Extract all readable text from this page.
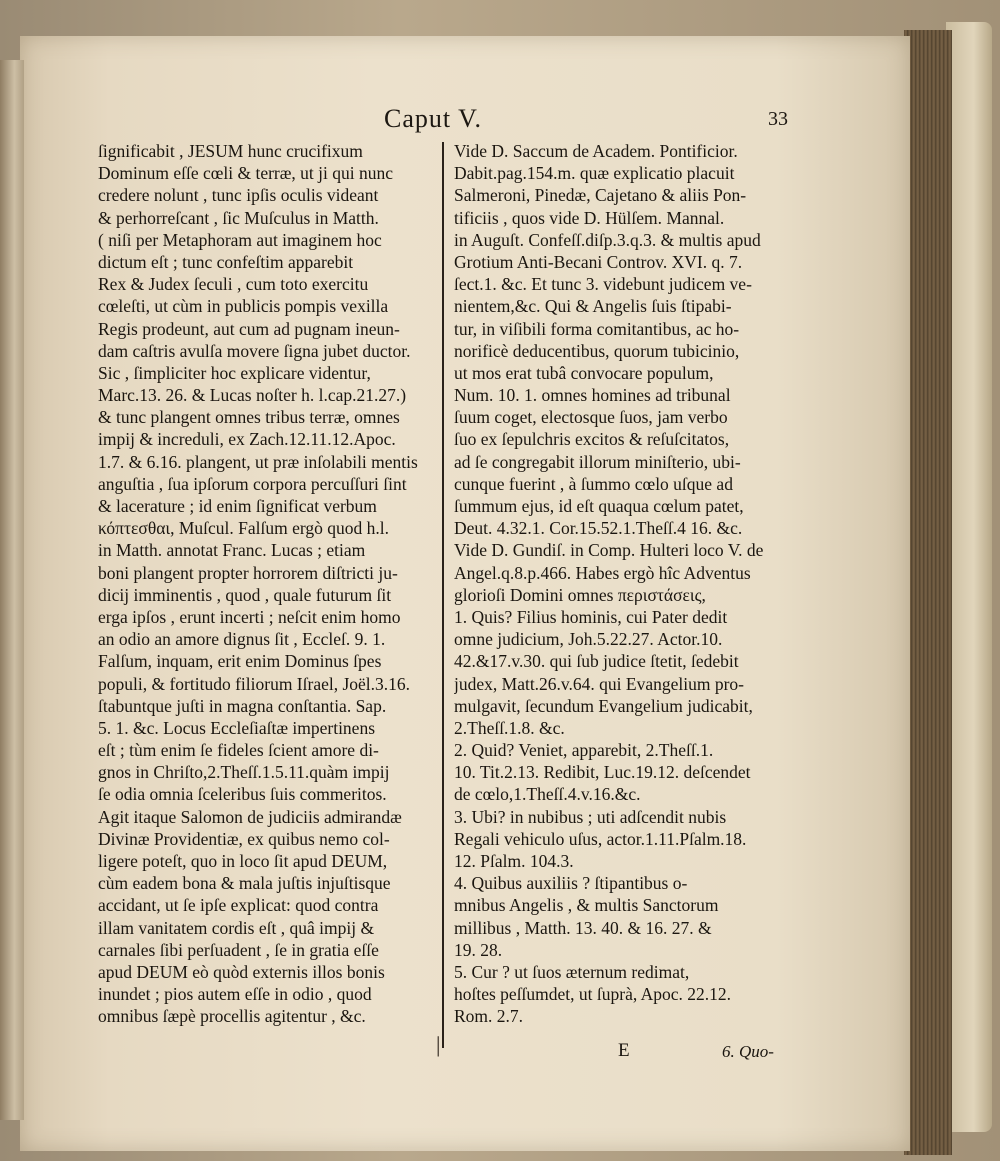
Caput V.	33
ſignificabit , JESUM hunc crucifixum
Dominum eſſe cœli & terræ, ut ji qui nunc
credere nolunt , tunc ipſis oculis videant
& perhorreſcant , ſic Muſculus in Matth.
( niſi per Metaphoram aut imaginem hoc
dictum eſt ; tunc confeſtim apparebit
Rex & Judex ſeculi , cum toto exercitu
cœleſti, ut cùm in publicis pompis vexilla
Regis prodeunt, aut cum ad pugnam ineun-
dam caſtris avulſa movere ſigna jubet ductor.
Sic , ſimpliciter hoc explicare videntur,
Marc.13. 26. & Lucas noſter h. l.cap.21.27.)
& tunc plangent omnes tribus terræ, omnes
impij & increduli, ex Zach.12.11.12.Apoc.
1.7. & 6.16. plangent, ut præ inſolabili mentis
anguſtia , ſua ipſorum corpora percuſſuri ſint
& lacerature ; id enim ſignificat verbum
κόπτεσθαι, Muſcul. Falſum ergò quod h.l.
in Matth. annotat Franc. Lucas ; etiam
boni plangent propter horrorem diſtricti ju-
dicij imminentis , quod , quale futurum ſit
erga ipſos , erunt incerti ; neſcit enim homo
an odio an amore dignus ſit , Eccleſ. 9. 1.
Falſum, inquam, erit enim Dominus ſpes
populi, & fortitudo filiorum Iſrael, Joël.3.16.
ſtabuntque juſti in magna conſtantia. Sap.
5. 1. &c. Locus Eccleſiaſtæ impertinens
eſt ; tùm enim ſe fideles ſcient amore di-
gnos in Chriſto,2.Theſſ.1.5.11.quàm impij
ſe odia omnia ſceleribus ſuis commeritos.
Agit itaque Salomon de judiciis admirandæ
Divinæ Providentiæ, ex quibus nemo col-
ligere poteſt, quo in loco ſit apud DEUM,
cùm eadem bona & mala juſtis injuſtisque
accidant, ut ſe ipſe explicat: quod contra
illam vanitatem cordis eſt , quâ impij &
carnales ſibi perſuadent , ſe in gratia eſſe
apud DEUM eò quòd externis illos bonis
inundet ; pios autem eſſe in odio , quod
omnibus ſæpè procellis agitentur , &c.
|
Vide D. Saccum de Academ. Pontificior.
Dabit.pag.154.m. quæ explicatio placuit
Salmeroni, Pinedæ, Cajetano & aliis Pon-
tificiis , quos vide D. Hülſem. Mannal.
in Auguſt. Confeſſ.diſp.3.q.3. & multis apud
Grotium Anti-Becani Controv. XVI. q. 7.
ſect.1. &c. Et tunc 3. videbunt judicem ve-
nientem,&c. Qui & Angelis ſuis ſtipabi-
tur, in viſibili forma comitantibus, ac ho-
norificè deducentibus, quorum tubicinio,
ut mos erat tubâ convocare populum,
Num. 10. 1. omnes homines ad tribunal
ſuum coget, electosque ſuos, jam verbo
ſuo ex ſepulchris excitos & reſuſcitatos,
ad ſe congregabit illorum miniſterio, ubi-
cunque fuerint , à ſummo cœlo uſque ad
ſummum ejus, id eſt quaqua cœlum patet,
Deut. 4.32.1. Cor.15.52.1.Theſſ.4 16. &c.
Vide D. Gundiſ. in Comp. Hulteri loco V. de
Angel.q.8.p.466. Habes ergò hîc Adventus
glorioſi Domini omnes περιστάσεις,
1. Quis? Filius hominis, cui Pater dedit
omne judicium, Joh.5.22.27. Actor.10.
42.&17.v.30. qui ſub judice ſtetit, ſedebit
judex, Matt.26.v.64. qui Evangelium pro-
mulgavit, ſecundum Evangelium judicabit,
2.Theſſ.1.8. &c.
2. Quid? Veniet, apparebit, 2.Theſſ.1.
10. Tit.2.13. Redibit, Luc.19.12. deſcendet
de cœlo,1.Theſſ.4.v.16.&c.
3. Ubi? in nubibus ; uti adſcendit nubis
Regali vehiculo uſus, actor.1.11.Pſalm.18.
12. Pſalm. 104.3.
4. Quibus auxiliis ? ſtipantibus o-
mnibus Angelis , & multis Sanctorum
millibus , Matth. 13. 40. & 16. 27. &
19. 28.
5. Cur ? ut ſuos æternum redimat,
hoſtes peſſumdet, ut ſuprà, Apoc. 22.12.
Rom. 2.7.
E	6. Quo-
